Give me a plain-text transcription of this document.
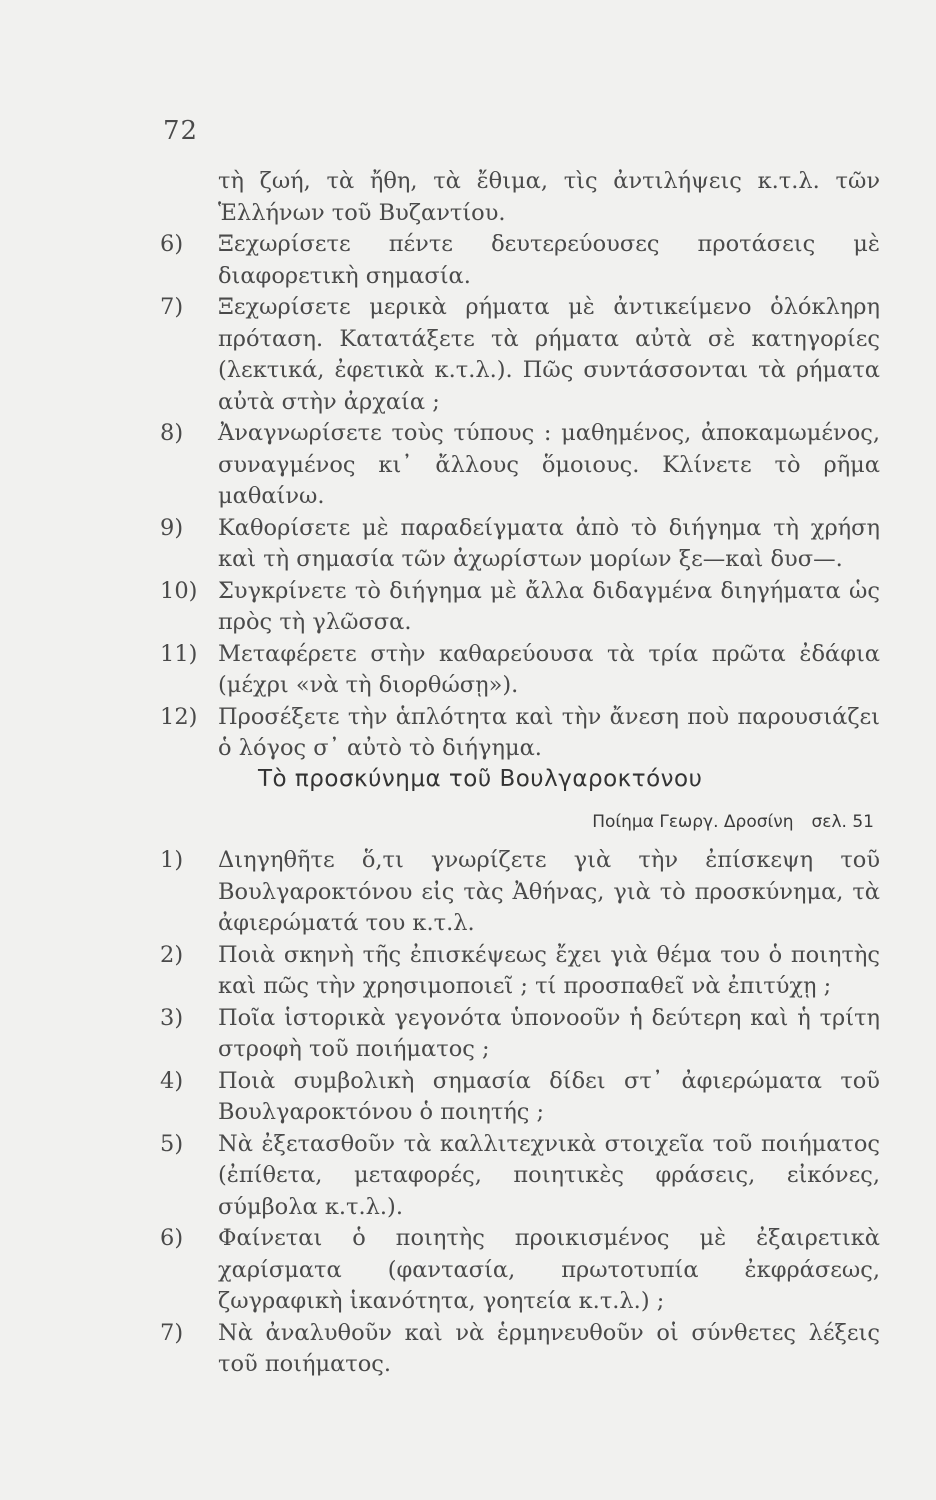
72

τὴ ζωή, τὰ ἤθη, τὰ ἔθιμα, τὶς ἀντιλήψεις κ.τ.λ. τῶν Ἑλλήνων τοῦ Βυζαντίου.

6)	Ξεχωρίσετε πέντε δευτερεύουσες προτάσεις μὲ διαφορετικὴ σημασία.

7)	Ξεχωρίσετε μερικὰ ρήματα μὲ ἀντικείμενο ὁλόκληρη πρόταση. Κατατάξετε τὰ ρήματα αὐτὰ σὲ κατηγορίες (λεκτικά, ἐφετικὰ κ.τ.λ.). Πῶς συντάσσονται τὰ ρήματα αὐτὰ στὴν ἀρχαία ;

8)	Ἀναγνωρίσετε τοὺς τύπους : μαθημένος, ἀποκαμωμένος, συναγμένος κι᾿ ἄλλους ὅμοιους. Κλίνετε τὸ ρῆμα μαθαίνω.

9)	Καθορίσετε μὲ παραδείγματα ἀπὸ τὸ διήγημα τὴ χρήση καὶ τὴ σημασία τῶν ἀχωρίστων μορίων ξε—καὶ δυσ—.

10) Συγκρίνετε τὸ διήγημα μὲ ἄλλα διδαγμένα διηγήματα ὡς πρὸς τὴ γλῶσσα.

11) Μεταφέρετε στὴν καθαρεύουσα τὰ τρία πρῶτα ἐδάφια (μέχρι «νὰ τὴ διορθώσῃ»).

12) Προσέξετε τὴν ἁπλότητα καὶ τὴν ἄνεση ποὺ παρουσιάζει ὁ λόγος σ᾿ αὐτὸ τὸ διήγημα.

Τὸ προσκύνημα τοῦ Βουλγαροκτόνου
Ποίημα Γεωργ. Δροσίνη σελ. 51

1)	Διηγηθῆτε ὅ,τι γνωρίζετε γιὰ τὴν ἐπίσκεψη τοῦ Βουλγαροκτόνου εἰς τὰς Ἀθήνας, γιὰ τὸ προσκύνημα, τὰ ἀφιερώματά του κ.τ.λ.

2)	Ποιὰ σκηνὴ τῆς ἐπισκέψεως ἔχει γιὰ θέμα του ὁ ποιητὴς καὶ πῶς τὴν χρησιμοποιεῖ ; τί προσπαθεῖ νὰ ἐπιτύχῃ ;

3)	Ποῖα ἱστορικὰ γεγονότα ὑπονοοῦν ἡ δεύτερη καὶ ἡ τρίτη στροφὴ τοῦ ποιήματος ;

4)	Ποιὰ συμβολικὴ σημασία δίδει στ᾿ ἀφιερώματα τοῦ Βουλγαροκτόνου ὁ ποιητής ;

5)	Νὰ ἐξετασθοῦν τὰ καλλιτεχνικὰ στοιχεῖα τοῦ ποιήματος (ἐπίθετα, μεταφορές, ποιητικὲς φράσεις, εἰκόνες, σύμβολα κ.τ.λ.).

6)	Φαίνεται ὁ ποιητὴς προικισμένος μὲ ἐξαιρετικὰ χαρίσματα (φαντασία, πρωτοτυπία ἐκφράσεως, ζωγραφικὴ ἱκανότητα, γοητεία κ.τ.λ.) ;

7)	Νὰ ἀναλυθοῦν καὶ νὰ ἑρμηνευθοῦν οἱ σύνθετες λέξεις τοῦ ποιήματος.
